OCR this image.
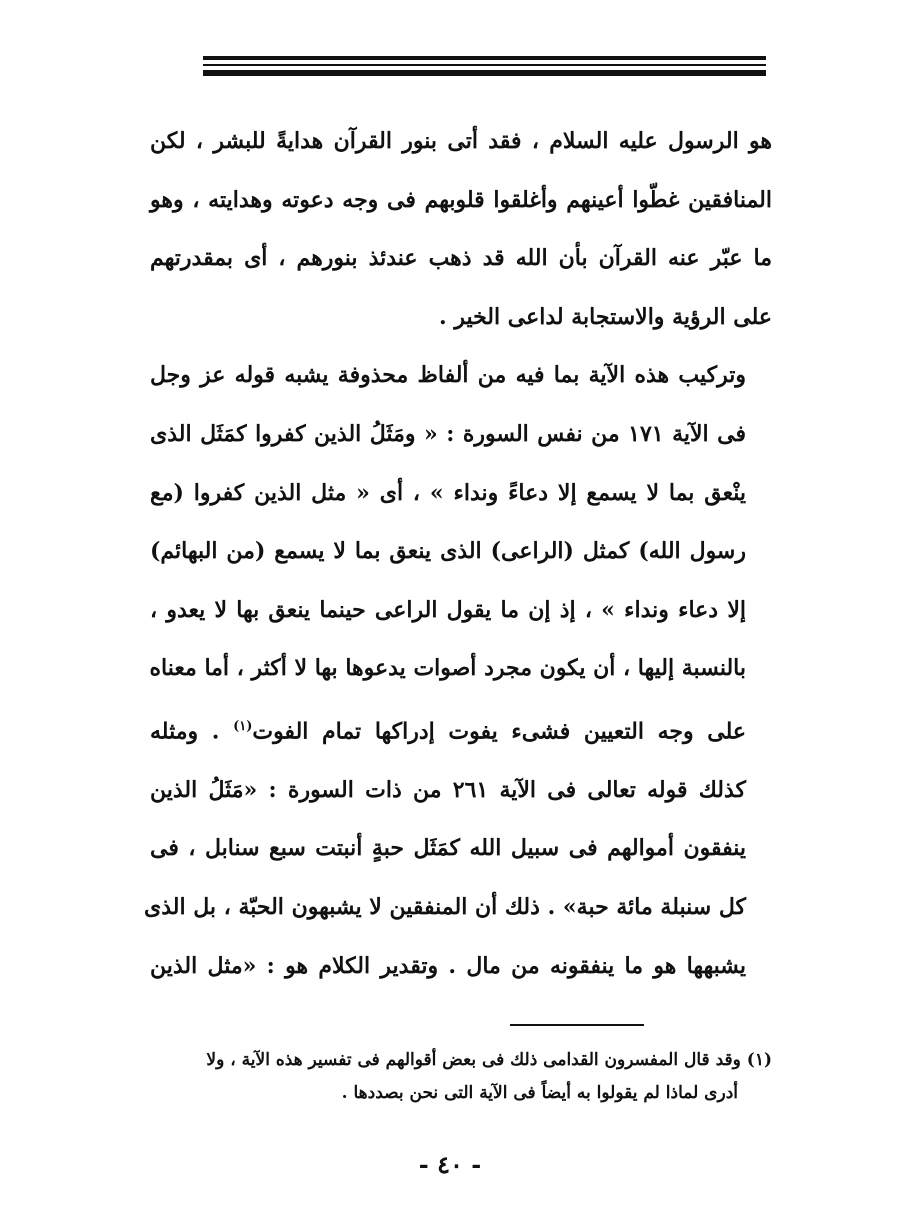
هو الرسول عليه السلام ، فقد أتى بنور القرآن هدايةً للبشر ، لكن
المنافقين غطّوا أعينهم وأغلقوا قلوبهم فى وجه دعوته وهدايته ، وهو
ما عبّر عنه القرآن بأن الله قد ذهب عندئذ بنورهم ، أى بمقدرتهم
على الرؤية والاستجابة لداعى الخير .

وتركيب هذه الآية بما فيه من ألفاظ محذوفة يشبه قوله عز وجل
فى الآية ١٧١ من نفس السورة : « ومَثَلُ الذين كفروا كمَثَل الذى
ينْعق بما لا يسمع إلا دعاءً ونداء » ، أى « مثل الذين كفروا (مع
رسول الله) كمثل (الراعى) الذى ينعق بما لا يسمع (من البهائم)
إلا دعاء ونداء » ، إذ إن ما يقول الراعى حينما ينعق بها لا يعدو ،
بالنسبة إليها ، أن يكون مجرد أصوات يدعوها بها لا أكثر ، أما معناه
على وجه التعيين فشىء يفوت إدراكها تمام الفوت$^{(١)}$ . ومثله
كذلك قوله تعالى فى الآية ٢٦١ من ذات السورة : «مَثَلُ الذين
ينفقون أموالهم فى سبيل الله كمَثَل حبةٍ أنبتت سبع سنابل ، فى
كل سنبلة مائة حبة» . ذلك أن المنفقين لا يشبهون الحبّة ، بل الذى
يشبهها هو ما ينفقونه من مال . وتقدير الكلام هو : «مثل الذين

(١) وقد قال المفسرون القدامى ذلك فى بعض أقوالهم فى تفسير هذه الآية ، ولا
أدرى لماذا لم يقولوا به أيضاً فى الآية التى نحن بصددها .
- ٤٠ -
